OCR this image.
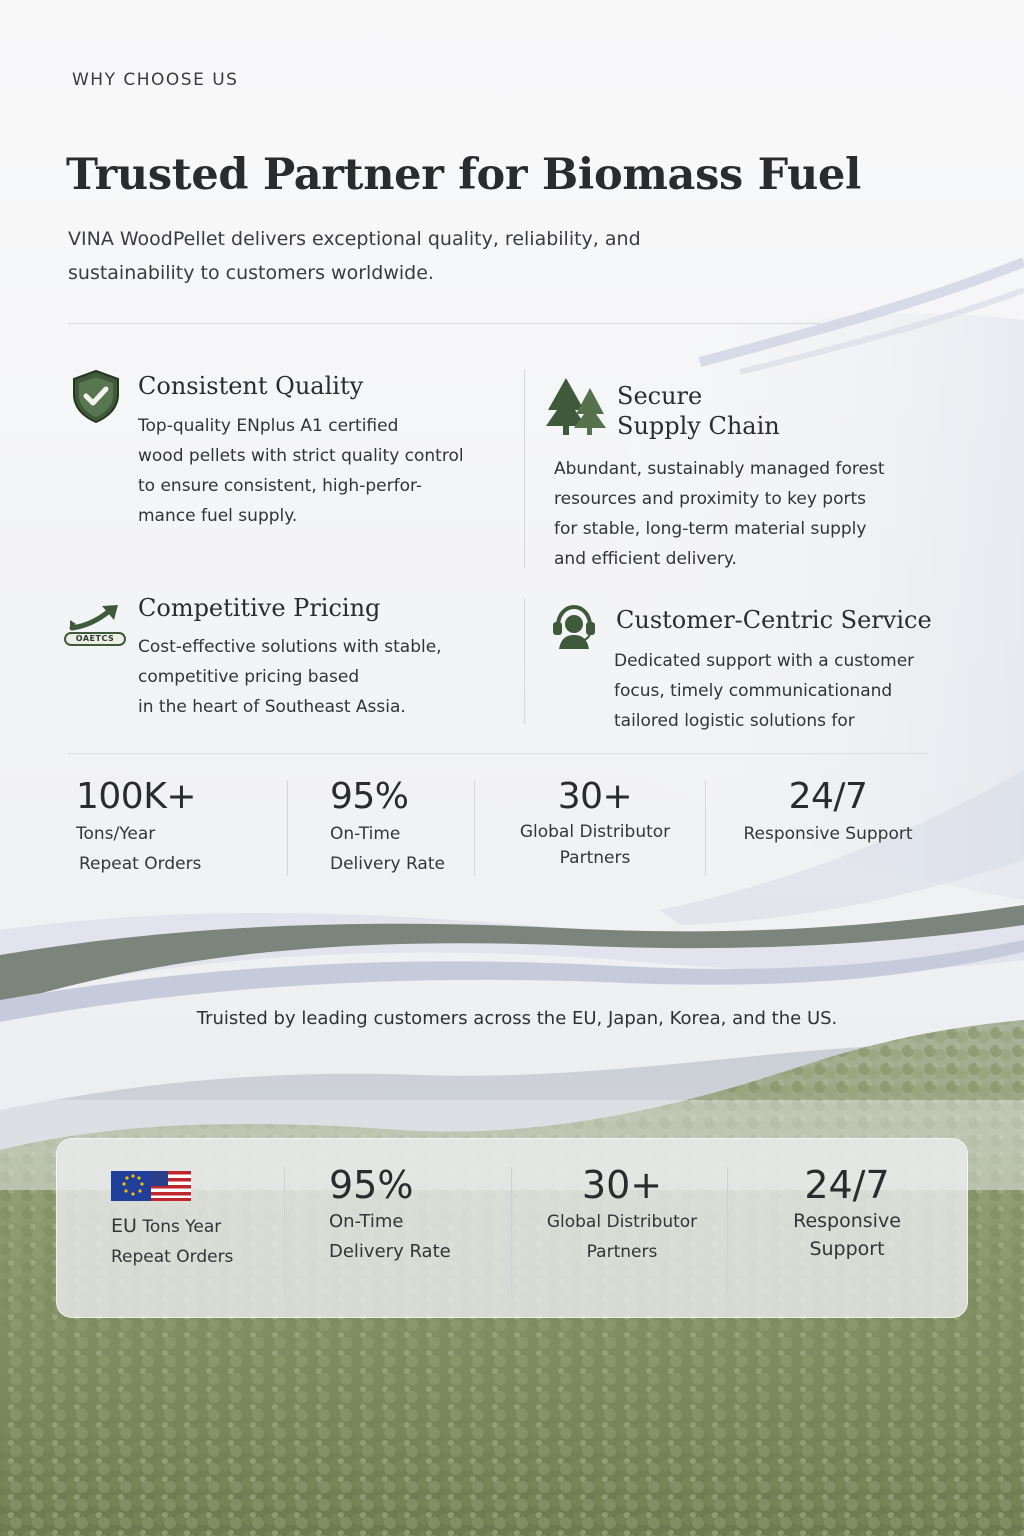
WHY CHOOSE US
Trusted Partner for Biomass Fuel

VINA WoodPellet delivers exceptional quality, reliability, and sustainability to customers worldwide.

Consistent Quality
Top-quality ENplus A1 certified
wood pellets with strict quality control
to ensure consistent, high-perfor-
mance fuel supply.
Secure
Supply Chain
Abundant, sustainably managed forest
resources and proximity to key ports
for stable, long-term material supply
and efficient delivery.
OAETCS
Competitive Pricing
Cost-effective solutions with stable,
competitive pricing based
in the heart of Southeast Assia.
Customer-Centric Service
Dedicated support with a customer
focus, timely communicationand
tailored logistic solutions for
100K+
Tons/Year
Repeat Orders
95%
On-Time
Delivery Rate
30+
Global Distributor
Partners
24/7
Responsive Support
Truisted by leading customers across the EU, Japan, Korea, and the US.
EU Tons Year
Repeat Orders
95%
On-Time
Delivery Rate
30+
Global Distributor
Partners
24/7
Responsive
Support
